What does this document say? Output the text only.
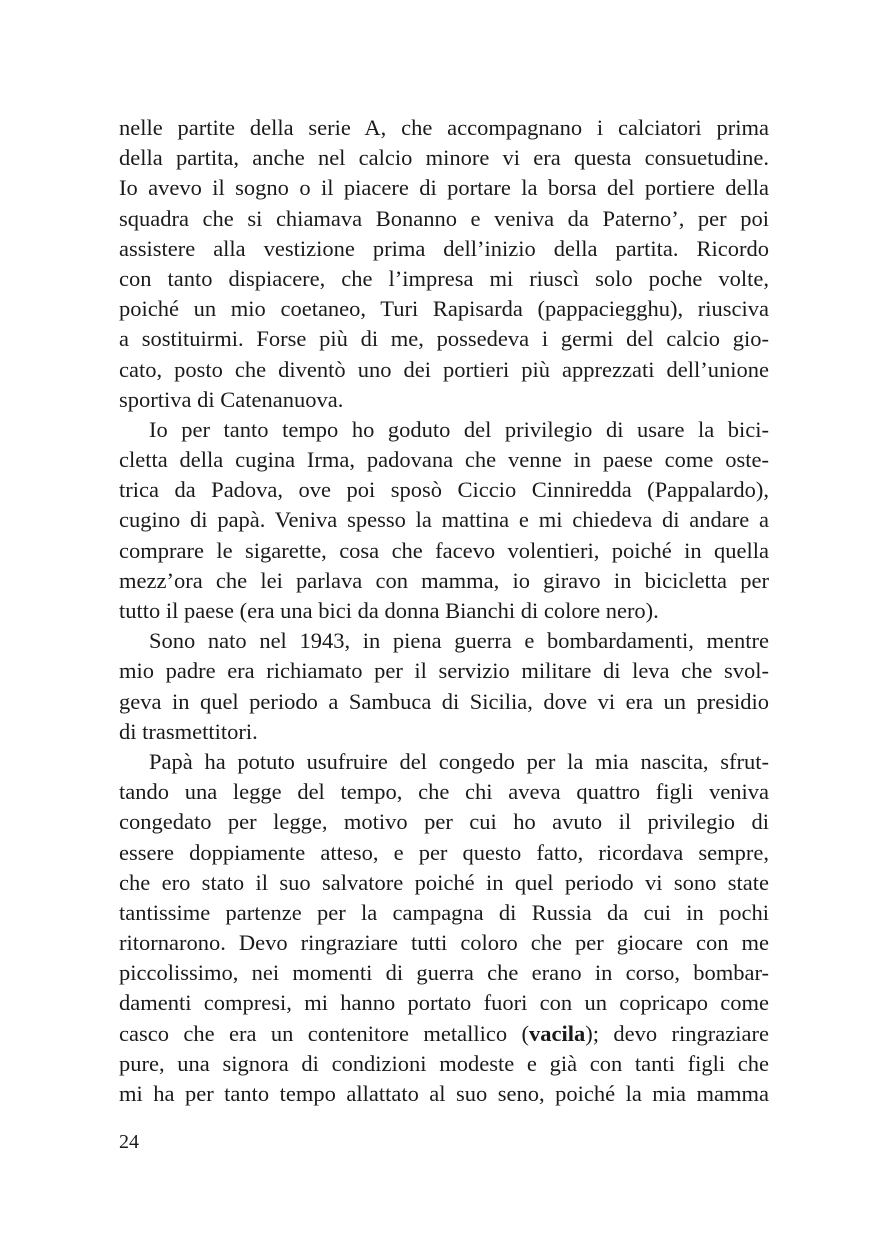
nelle partite della serie A, che accompagnano i calciatori prima
della partita, anche nel calcio minore vi era questa consuetudine.
Io avevo il sogno o il piacere di portare la borsa del portiere della
squadra che si chiamava Bonanno e veniva da Paterno’, per poi
assistere alla vestizione prima dell’inizio della partita. Ricordo
con tanto dispiacere, che l’impresa mi riuscì solo poche volte,
poiché un mio coetaneo, Turi Rapisarda (pappaciegghu), riusciva
a sostituirmi. Forse più di me, possedeva i germi del calcio gio-
cato, posto che diventò uno dei portieri più apprezzati dell’unione
sportiva di Catenanuova.
Io per tanto tempo ho goduto del privilegio di usare la bici-
cletta della cugina Irma, padovana che venne in paese come oste-
trica da Padova, ove poi sposò Ciccio Cinniredda (Pappalardo),
cugino di papà. Veniva spesso la mattina e mi chiedeva di andare a
comprare le sigarette, cosa che facevo volentieri, poiché in quella
mezz’ora che lei parlava con mamma, io giravo in bicicletta per
tutto il paese (era una bici da donna Bianchi di colore nero).
Sono nato nel 1943, in piena guerra e bombardamenti, mentre
mio padre era richiamato per il servizio militare di leva che svol-
geva in quel periodo a Sambuca di Sicilia, dove vi era un presidio
di trasmettitori.
Papà ha potuto usufruire del congedo per la mia nascita, sfrut-
tando una legge del tempo, che chi aveva quattro figli veniva
congedato per legge, motivo per cui ho avuto il privilegio di
essere doppiamente atteso, e per questo fatto, ricordava sempre,
che ero stato il suo salvatore poiché in quel periodo vi sono state
tantissime partenze per la campagna di Russia da cui in pochi
ritornarono. Devo ringraziare tutti coloro che per giocare con me
piccolissimo, nei momenti di guerra che erano in corso, bombar-
damenti compresi, mi hanno portato fuori con un copricapo come
casco che era un contenitore metallico (vacila); devo ringraziare
pure, una signora di condizioni modeste e già con tanti figli che
mi ha per tanto tempo allattato al suo seno, poiché la mia mamma
24
